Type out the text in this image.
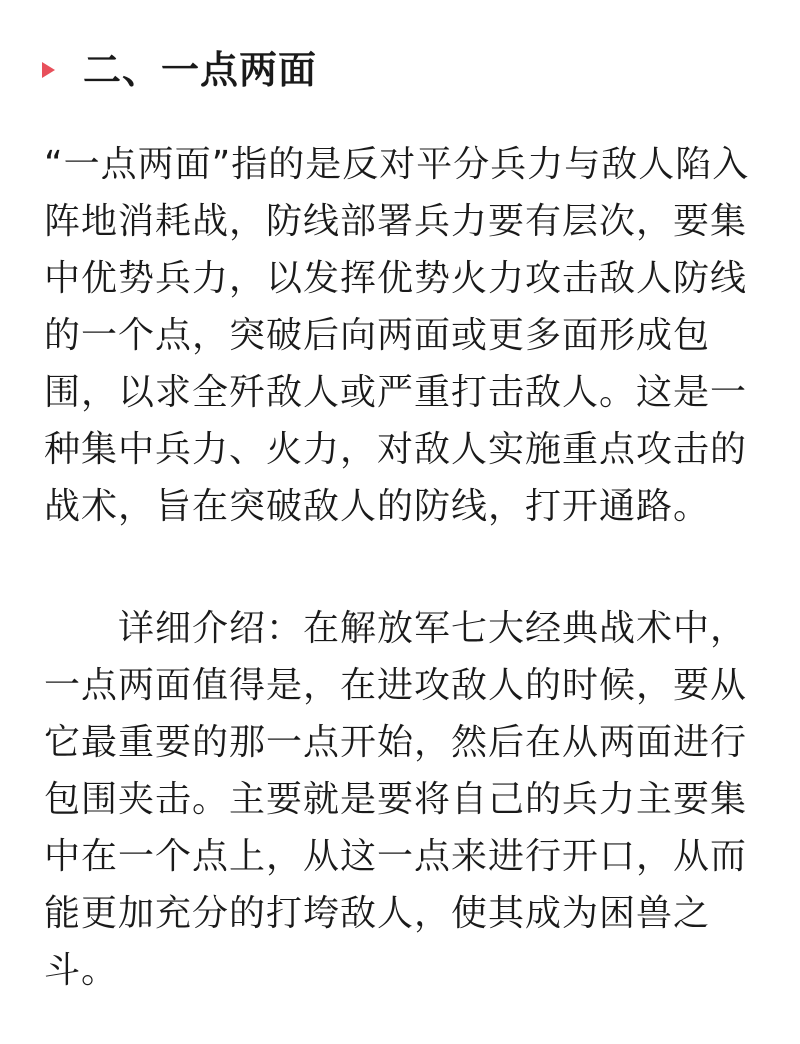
二、一点两面

“一点两面”指的是反对平分兵力与敌人陷入阵地消耗战，防线部署兵力要有层次，要集中优势兵力，以发挥优势火力攻击敌人防线的一个点，突破后向两面或更多面形成包围，以求全歼敌人或严重打击敌人。这是一种集中兵力、火力，对敌人实施重点攻击的战术，旨在突破敌人的防线，打开通路。

详细介绍：在解放军七大经典战术中，一点两面值得是，在进攻敌人的时候，要从它最重要的那一点开始，然后在从两面进行包围夹击。主要就是要将自己的兵力主要集中在一个点上，从这一点来进行开口，从而能更加充分的打垮敌人，使其成为困兽之斗。
